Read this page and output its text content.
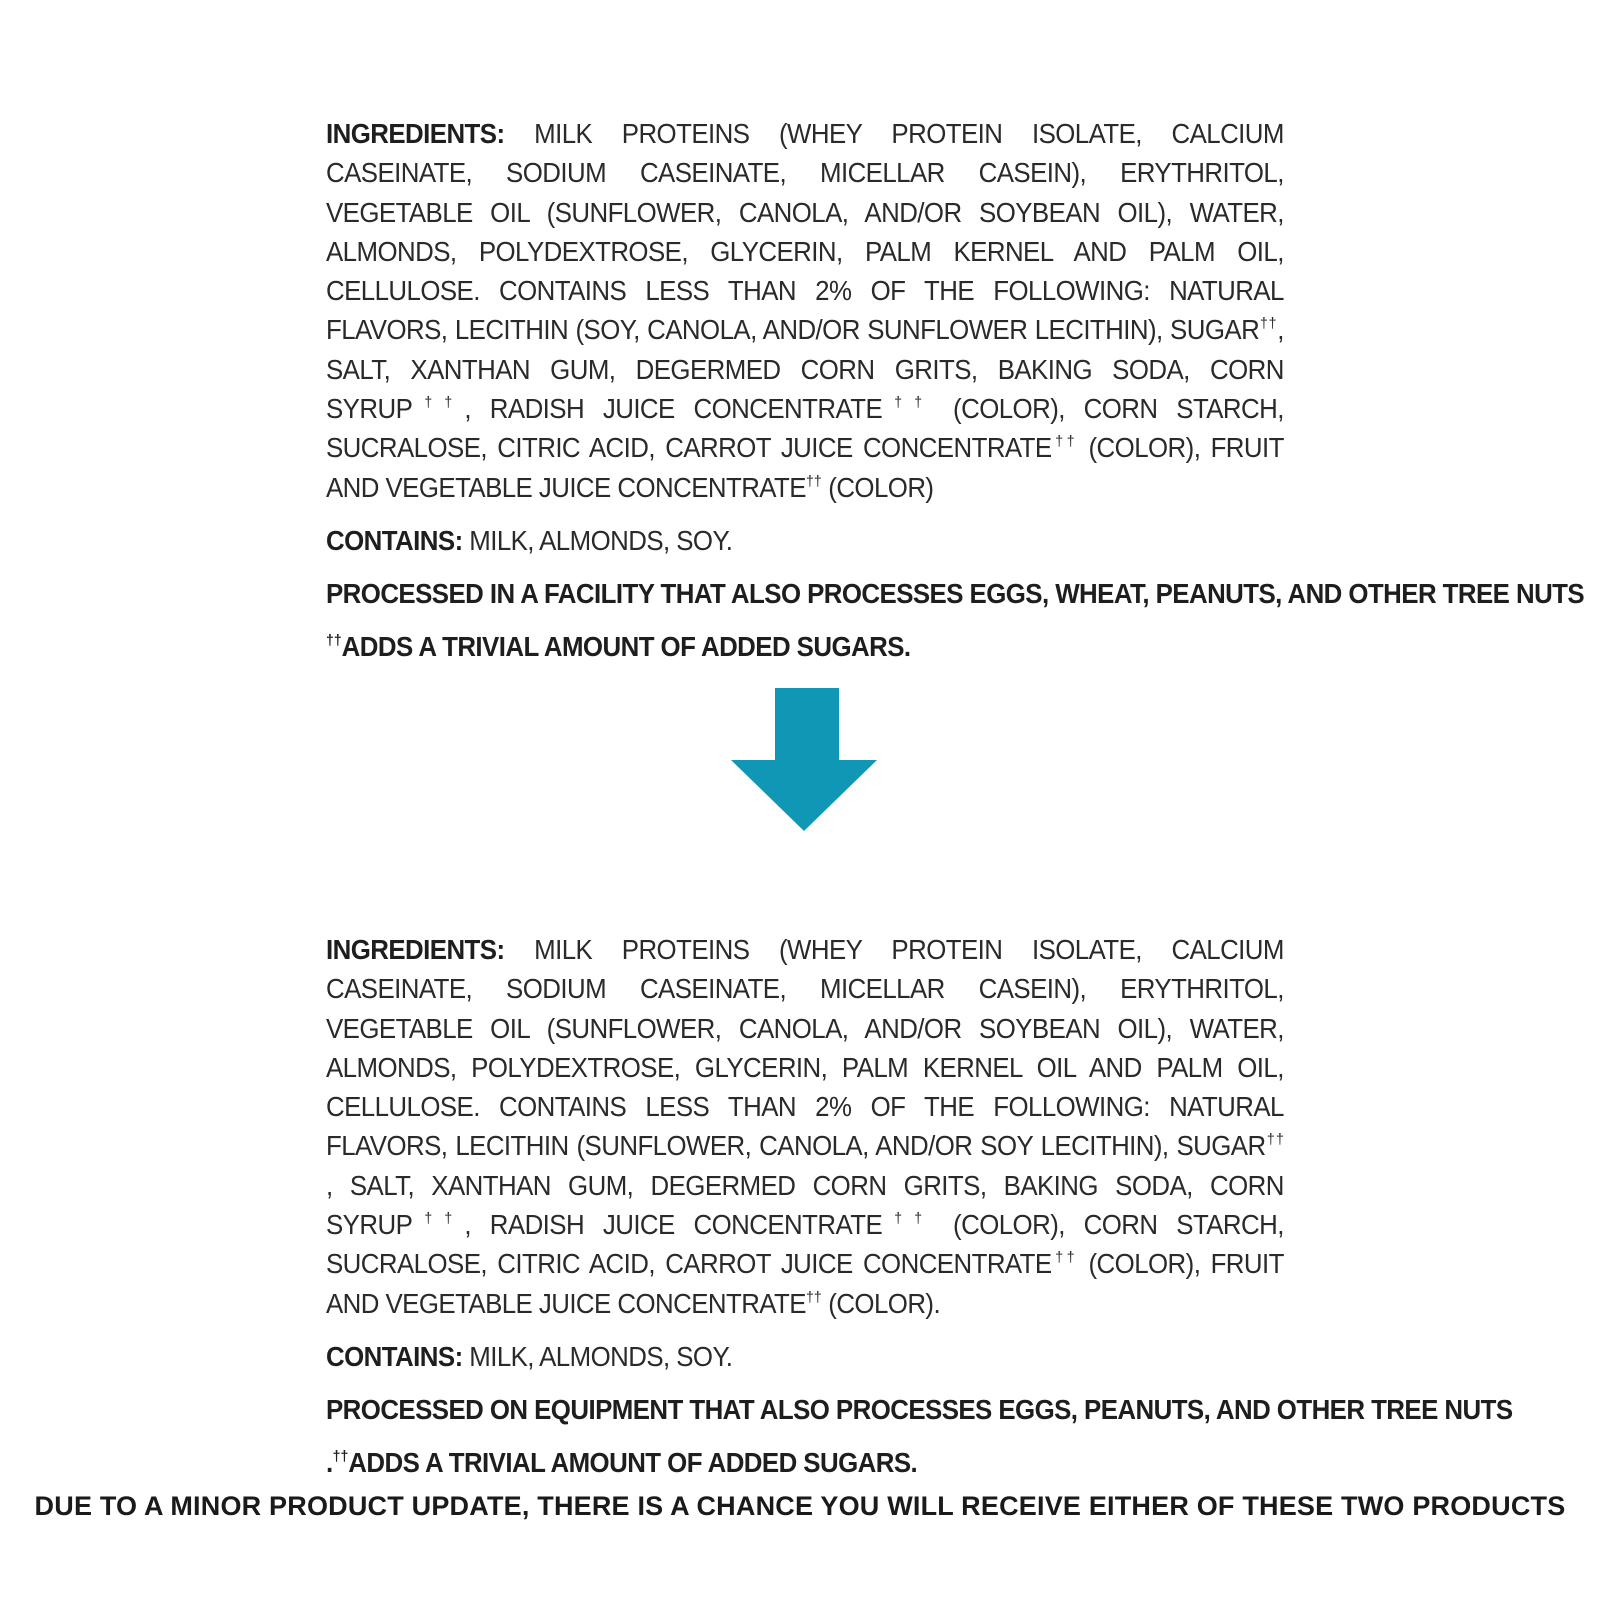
INGREDIENTS: MILK PROTEINS (WHEY PROTEIN ISOLATE, CALCIUM CASEINATE, SODIUM CASEINATE, MICELLAR CASEIN), ERYTHRITOL, VEGETABLE OIL (SUNFLOWER, CANOLA, AND/OR SOYBEAN OIL), WATER, ALMONDS, POLYDEXTROSE, GLYCERIN, PALM KERNEL AND PALM OIL, CELLULOSE. CONTAINS LESS THAN 2% OF THE FOLLOWING: NATURAL FLAVORS, LECITHIN (SOY, CANOLA, AND/OR SUNFLOWER LECITHIN), SUGAR††, SALT, XANTHAN GUM, DEGERMED CORN GRITS, BAKING SODA, CORN SYRUP††, RADISH JUICE CONCENTRATE†† (COLOR), CORN STARCH, SUCRALOSE, CITRIC ACID, CARROT JUICE CONCENTRATE†† (COLOR), FRUIT AND VEGETABLE JUICE CONCENTRATE†† (COLOR)

CONTAINS: MILK, ALMONDS, SOY.

PROCESSED IN A FACILITY THAT ALSO PROCESSES EGGS, WHEAT, PEANUTS, AND OTHER TREE NUTS

††ADDS A TRIVIAL AMOUNT OF ADDED SUGARS.

INGREDIENTS: MILK PROTEINS (WHEY PROTEIN ISOLATE, CALCIUM CASEINATE, SODIUM CASEINATE, MICELLAR CASEIN), ERYTHRITOL, VEGETABLE OIL (SUNFLOWER, CANOLA, AND/OR SOYBEAN OIL), WATER, ALMONDS, POLYDEXTROSE, GLYCERIN, PALM KERNEL OIL AND PALM OIL, CELLULOSE. CONTAINS LESS THAN 2% OF THE FOLLOWING: NATURAL FLAVORS, LECITHIN (SUNFLOWER, CANOLA, AND/OR SOY LECITHIN), SUGAR†† , SALT, XANTHAN GUM, DEGERMED CORN GRITS, BAKING SODA, CORN SYRUP††, RADISH JUICE CONCENTRATE†† (COLOR), CORN STARCH, SUCRALOSE, CITRIC ACID, CARROT JUICE CONCENTRATE†† (COLOR), FRUIT AND VEGETABLE JUICE CONCENTRATE†† (COLOR).

CONTAINS: MILK, ALMONDS, SOY.

PROCESSED ON EQUIPMENT THAT ALSO PROCESSES EGGS, PEANUTS, AND OTHER TREE NUTS

.††ADDS A TRIVIAL AMOUNT OF ADDED SUGARS.

DUE TO A MINOR PRODUCT UPDATE, THERE IS A CHANCE YOU WILL RECEIVE EITHER OF THESE TWO PRODUCTS
